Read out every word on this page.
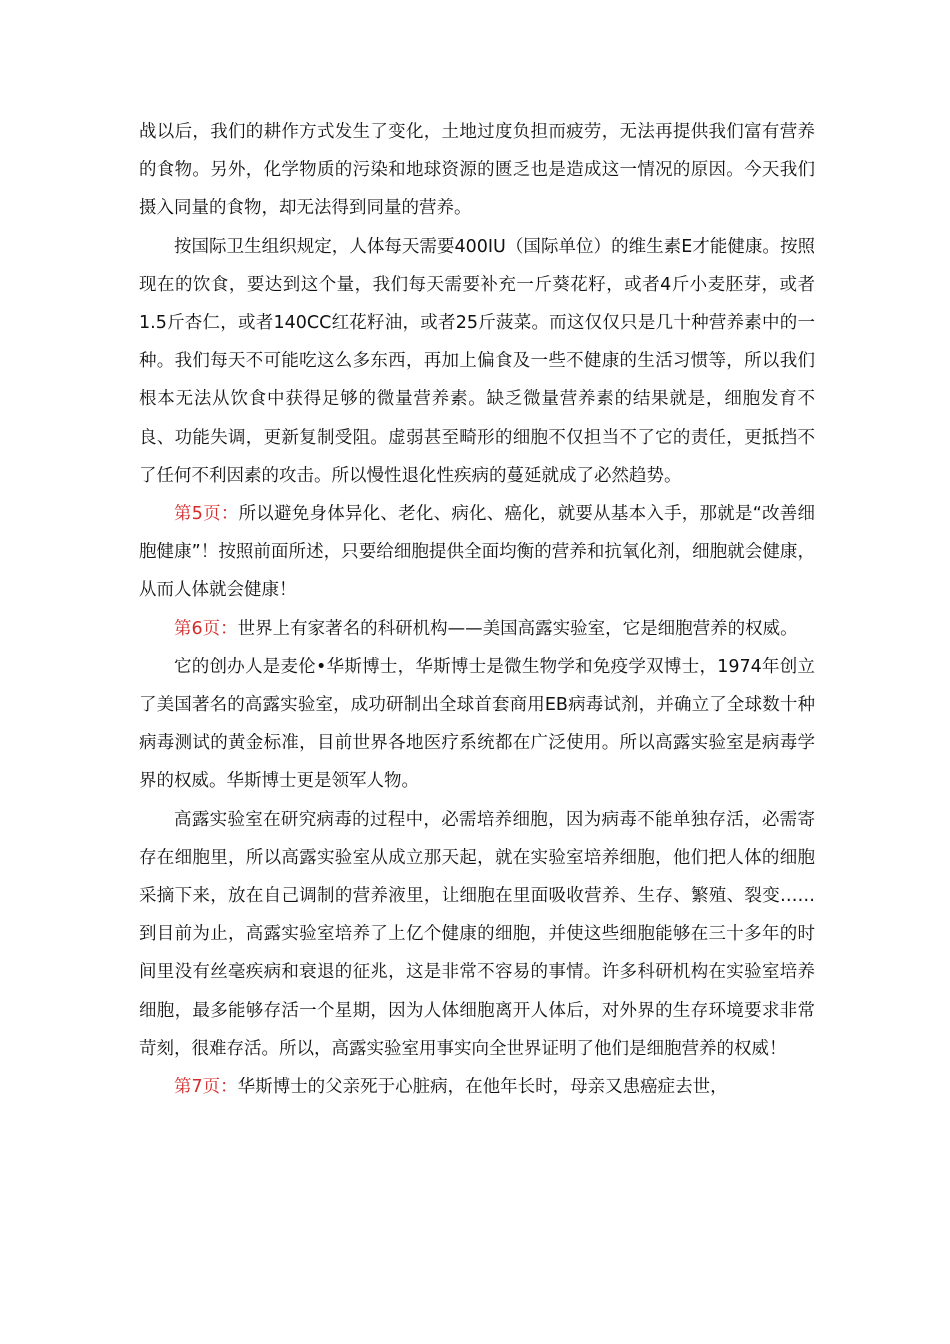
战以后，我们的耕作方式发生了变化，土地过度负担而疲劳，无法再提供我们富有营养的食物。另外，化学物质的污染和地球资源的匮乏也是造成这一情况的原因。今天我们摄入同量的食物，却无法得到同量的营养。

按国际卫生组织规定，人体每天需要400IU（国际单位）的维生素E才能健康。按照现在的饮食，要达到这个量，我们每天需要补充一斤葵花籽，或者4斤小麦胚芽，或者1.5斤杏仁，或者140CC红花籽油，或者25斤菠菜。而这仅仅只是几十种营养素中的一种。我们每天不可能吃这么多东西，再加上偏食及一些不健康的生活习惯等，所以我们根本无法从饮食中获得足够的微量营养素。缺乏微量营养素的结果就是，细胞发育不良、功能失调，更新复制受阻。虚弱甚至畸形的细胞不仅担当不了它的责任，更抵挡不了任何不利因素的攻击。所以慢性退化性疾病的蔓延就成了必然趋势。

第5页：所以避免身体异化、老化、病化、癌化，就要从基本入手，那就是“改善细胞健康”！按照前面所述，只要给细胞提供全面均衡的营养和抗氧化剂，细胞就会健康，从而人体就会健康！

第6页：世界上有家著名的科研机构——美国高露实验室，它是细胞营养的权威。

它的创办人是麦伦•华斯博士，华斯博士是微生物学和免疫学双博士，1974年创立了美国著名的高露实验室，成功研制出全球首套商用EB病毒试剂，并确立了全球数十种病毒测试的黄金标准，目前世界各地医疗系统都在广泛使用。所以高露实验室是病毒学界的权威。华斯博士更是领军人物。

高露实验室在研究病毒的过程中，必需培养细胞，因为病毒不能单独存活，必需寄存在细胞里，所以高露实验室从成立那天起，就在实验室培养细胞，他们把人体的细胞采摘下来，放在自己调制的营养液里，让细胞在里面吸收营养、生存、繁殖、裂变……到目前为止，高露实验室培养了上亿个健康的细胞，并使这些细胞能够在三十多年的时间里没有丝毫疾病和衰退的征兆，这是非常不容易的事情。许多科研机构在实验室培养细胞，最多能够存活一个星期，因为人体细胞离开人体后，对外界的生存环境要求非常苛刻，很难存活。所以，高露实验室用事实向全世界证明了他们是细胞营养的权威！

第7页：华斯博士的父亲死于心脏病，在他年长时，母亲又患癌症去世，
